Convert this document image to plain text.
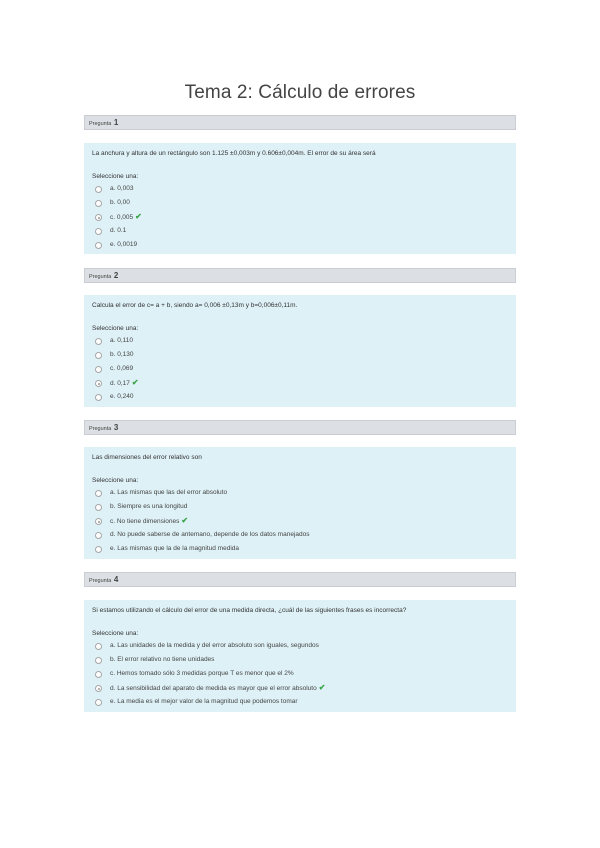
Tema 2: Cálculo de errores
Pregunta 1
La anchura y altura de un rectángulo son 1.125 ±0,003m y 0.606±0,004m. El error de su área será
Seleccione una:
a. 0,003
b. 0,00
c. 0,005 ✔
d. 0.1
e. 0,0019
Pregunta 2
Calcula el error de c= a + b, siendo a= 0,006 ±0,13m y b=0,006±0,11m.
Seleccione una:
a. 0,110
b. 0,130
c. 0,069
d. 0,17 ✔
e. 0,240
Pregunta 3
Las dimensiones del error relativo son
Seleccione una:
a. Las mismas que las del error absoluto
b. Siempre es una longitud
c. No tiene dimensiones ✔
d. No puede saberse de antemano, depende de los datos manejados
e. Las mismas que la de la magnitud medida
Pregunta 4
Si estamos utilizando el cálculo del error de una medida directa, ¿cuál de las siguientes frases es incorrecta?
Seleccione una:
a. Las unidades de la medida y del error absoluto son iguales, segundos
b. El error relativo no tiene unidades
c. Hemos tomado sólo 3 medidas porque T es menor que el 2%
d. La sensibilidad del aparato de medida es mayor que el error absoluto ✔
e. La media es el mejor valor de la magnitud que podemos tomar
